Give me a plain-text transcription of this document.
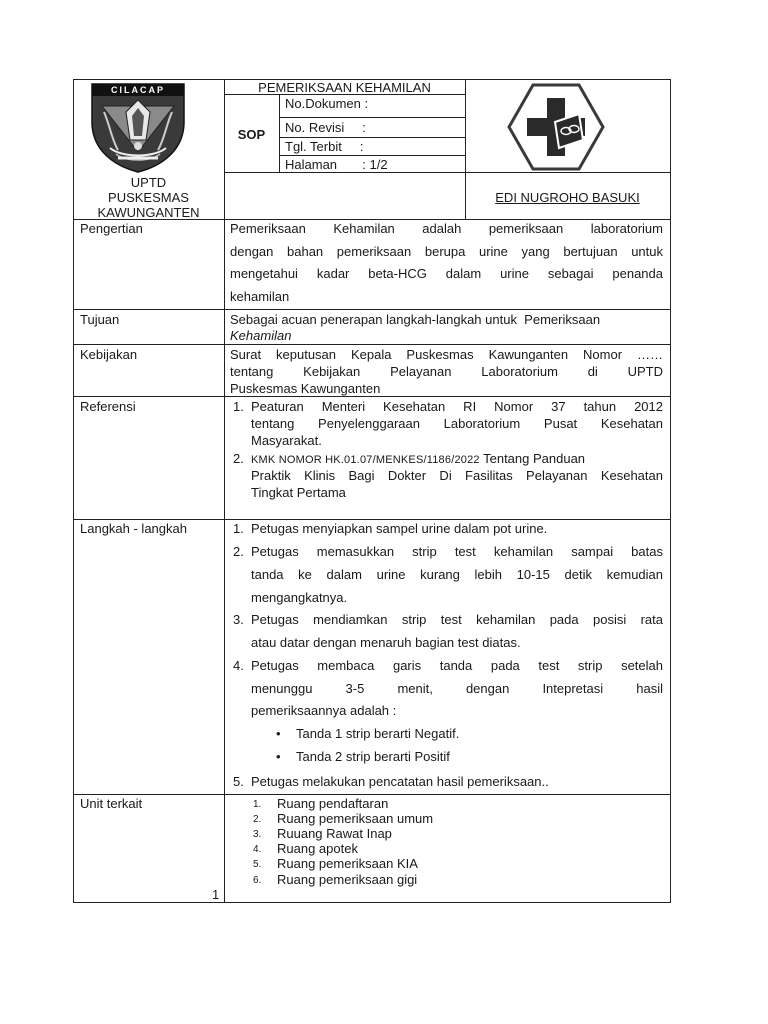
CILACAP
UPTD
PUSKESMAS
KAWUNGANTEN
PEMERIKSAAN KEHAMILAN
SOP
No.Dokumen :
No. Revisi     :
Tgl. Terbit     :
Halaman       : 1/2
EDI NUGROHO BASUKI
Pengertian	Pemeriksaan Kehamilan adalah pemeriksaan laboratorium
dengan bahan pemeriksaan berupa urine yang bertujuan untuk
mengetahui kadar beta-HCG dalam urine sebagai penanda
kehamilan
Tujuan	Sebagai acuan penerapan langkah-langkah untuk  Pemeriksaan
Kehamilan
Kebijakan	Surat keputusan Kepala Puskesmas Kawunganten Nomor ……
tentang Kebijakan Pelayanan Laboratorium di UPTD
Puskesmas Kawunganten
Referensi	1. Peaturan Menteri Kesehatan RI Nomor 37 tahun 2012
tentang Penyelenggaraan Laboratorium Pusat Kesehatan
Masyarakat.
2. KMK NOMOR HK.01.07/MENKES/1186/2022 Tentang Panduan
Praktik Klinis Bagi Dokter Di Fasilitas Pelayanan Kesehatan
Tingkat Pertama
Langkah - langkah	1. Petugas menyiapkan sampel urine dalam pot urine.
2. Petugas memasukkan strip test kehamilan sampai batas
tanda ke dalam urine kurang lebih 10-15 detik kemudian
mengangkatnya.
3. Petugas mendiamkan strip test kehamilan pada posisi rata
atau datar dengan menaruh bagian test diatas.
4. Petugas membaca garis tanda pada test strip setelah
menunggu 3-5 menit, dengan Intepretasi hasil
pemeriksaannya adalah :
• Tanda 1 strip berarti Negatif.
• Tanda 2 strip berarti Positif
5. Petugas melakukan pencatatan hasil pemeriksaan..
Unit terkait	1. Ruang pendaftaran
2. Ruang pemeriksaan umum
3. Ruuang Rawat Inap
4. Ruang apotek
5. Ruang pemeriksaan KIA
6. Ruang pemeriksaan gigi
1
